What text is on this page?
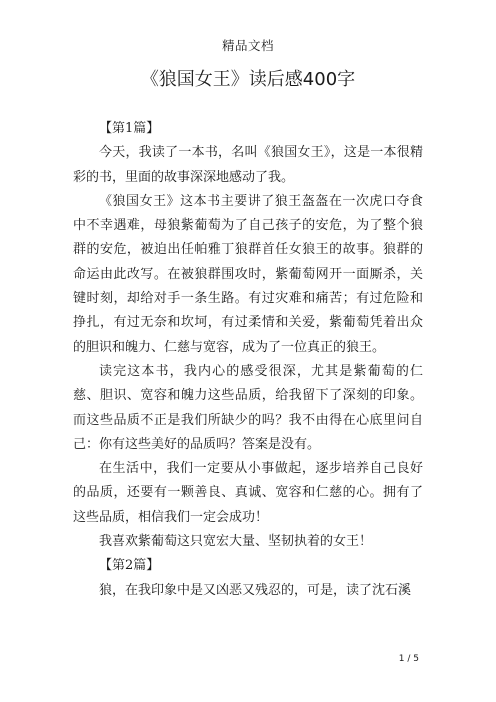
精品文档
《狼国女王》读后感400字

【第1篇】

今天，我读了一本书，名叫《狼国女王》，这是一本很精彩的书，里面的故事深深地感动了我。

《狼国女王》这本书主要讲了狼王盔盔在一次虎口夺食中不幸遇难，母狼紫葡萄为了自己孩子的安危，为了整个狼群的安危，被迫出任帕雅丁狼群首任女狼王的故事。狼群的命运由此改写。在被狼群围攻时，紫葡萄网开一面厮杀，关键时刻，却给对手一条生路。有过灾难和痛苦；有过危险和挣扎，有过无奈和坎坷，有过柔情和关爱，紫葡萄凭着出众的胆识和魄力、仁慈与宽容，成为了一位真正的狼王。

读完这本书，我内心的感受很深，尤其是紫葡萄的仁慈、胆识、宽容和魄力这些品质，给我留下了深刻的印象。而这些品质不正是我们所缺少的吗？我不由得在心底里问自己：你有这些美好的品质吗？答案是没有。

在生活中，我们一定要从小事做起，逐步培养自己良好的品质，还要有一颗善良、真诚、宽容和仁慈的心。拥有了这些品质，相信我们一定会成功！

我喜欢紫葡萄这只宽宏大量、坚韧执着的女王！

【第2篇】

狼，在我印象中是又凶恶又残忍的，可是，读了沈石溪

1 / 5
